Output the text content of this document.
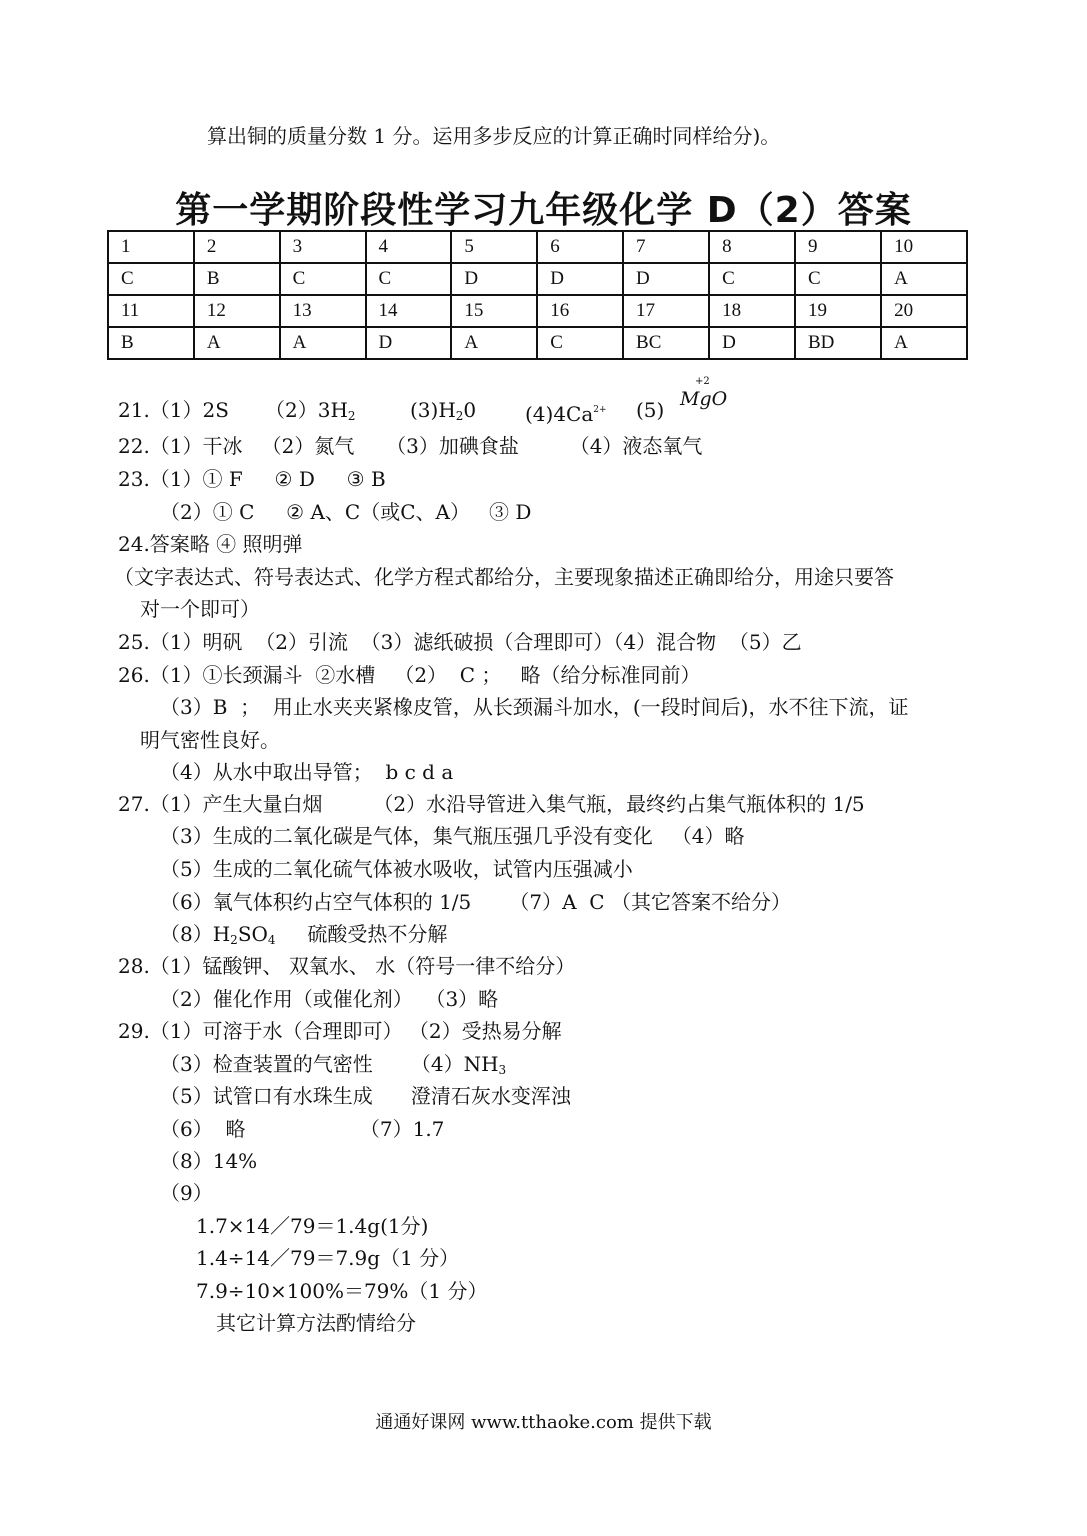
算出铜的质量分数 1 分。运用多步反应的计算正确时同样给分)。
第一学期阶段性学习九年级化学 D（2）答案
1	2	3	4	5	6	7	8	9	10
C	B	C	C	D	D	D	C	C	A
11	12	13	14	15	16	17	18	19	20
B	A	A	D	A	C	BC	D	BD	A
21.（1）2S $(2)3H_2$	$(3)H_20$ $(4)4Ca^{2+}$ (5)
+2
MgO
22.（1）干冰   （2）氮气     （3）加碘食盐        （4）液态氧气
23.（1）① F     ② D     ③ B
（2）① C     ② A、C（或C、A）   ③ D
24.答案略 ④ 照明弹
（文字表达式、符号表达式、化学方程式都给分，主要现象描述正确即给分，用途只要答
对一个即可）
25.（1）明矾  （2）引流  （3）滤纸破损（合理即可）（4）混合物  （5）乙
26.（1）①长颈漏斗  ②水槽   （2）  C ；   略（给分标准同前）
（3）B  ；  用止水夹夹紧橡皮管，从长颈漏斗加水，(一段时间后)，水不往下流，证
明气密性良好。
（4）从水中取出导管；  b c d a
27.（1）产生大量白烟        （2）水沿导管进入集气瓶，最终约占集气瓶体积的 1/5
（3）生成的二氧化碳是气体，集气瓶压强几乎没有变化   （4）略
（5）生成的二氧化硫气体被水吸收，试管内压强减小
（6）氧气体积约占空气体积的 1/5      （7）A  C （其它答案不给分）
$(8)H_2SO_4$     硫酸受热不分解
28.（1）锰酸钾、 双氧水、 水（符号一律不给分）
（2）催化作用（或催化剂）  （3）略
29.（1）可溶于水（合理即可） （2）受热易分解
（3）检查装置的气密性      $(4)NH_3$
（5）试管口有水珠生成      澄清石灰水变浑浊
（6）  略                  （7）1.7
（8）14%
（9）
1.7×14／79＝1.4g(1分)
1.4÷14／79＝7.9g（1 分）
7.9÷10×100%＝79%（1 分）
其它计算方法酌情给分
通通好课网 www.tthaoke.com 提供下载
